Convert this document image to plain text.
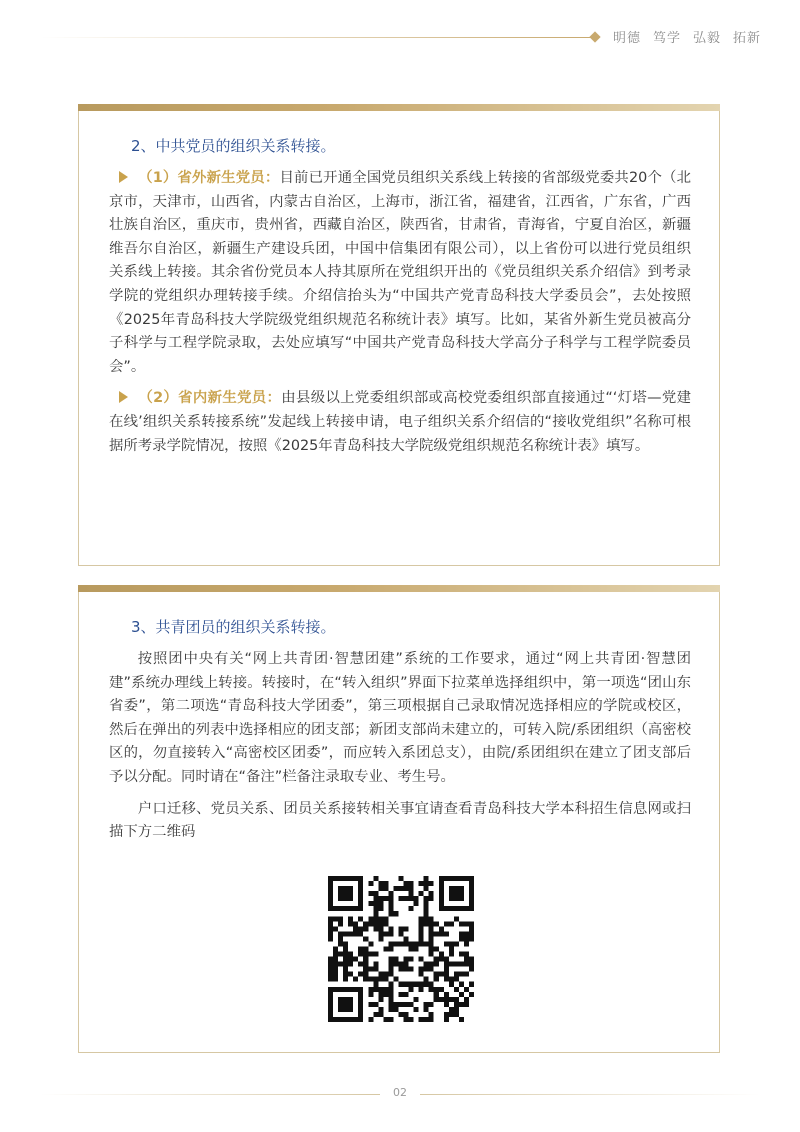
明德 笃学 弘毅 拓新
2、中共党员的组织关系转接。

（1）省外新生党员：目前已开通全国党员组织关系线上转接的省部级党委共20个（北京市，天津市，山西省，内蒙古自治区，上海市，浙江省，福建省，江西省，广东省，广西壮族自治区，重庆市，贵州省，西藏自治区，陕西省，甘肃省，青海省，宁夏自治区，新疆维吾尔自治区，新疆生产建设兵团，中国中信集团有限公司），以上省份可以进行党员组织关系线上转接。其余省份党员本人持其原所在党组织开出的《党员组织关系介绍信》到考录学院的党组织办理转接手续。介绍信抬头为“中国共产党青岛科技大学委员会”，去处按照《2025年青岛科技大学院级党组织规范名称统计表》填写。比如，某省外新生党员被高分子科学与工程学院录取，去处应填写“中国共产党青岛科技大学高分子科学与工程学院委员会”。

（2）省内新生党员：由县级以上党委组织部或高校党委组织部直接通过“‘灯塔—党建在线’组织关系转接系统”发起线上转接申请，电子组织关系介绍信的“接收党组织”名称可根据所考录学院情况，按照《2025年青岛科技大学院级党组织规范名称统计表》填写。

3、共青团员的组织关系转接。

按照团中央有关“网上共青团·智慧团建”系统的工作要求，通过“网上共青团·智慧团建”系统办理线上转接。转接时，在“转入组织”界面下拉菜单选择组织中，第一项选“团山东省委”，第二项选“青岛科技大学团委”，第三项根据自己录取情况选择相应的学院或校区，然后在弹出的列表中选择相应的团支部；新团支部尚未建立的，可转入院/系团组织（高密校区的，勿直接转入“高密校区团委”，而应转入系团总支），由院/系团组织在建立了团支部后予以分配。同时请在“备注”栏备注录取专业、考生号。

户口迁移、党员关系、团员关系接转相关事宜请查看青岛科技大学本科招生信息网或扫描下方二维码

02
